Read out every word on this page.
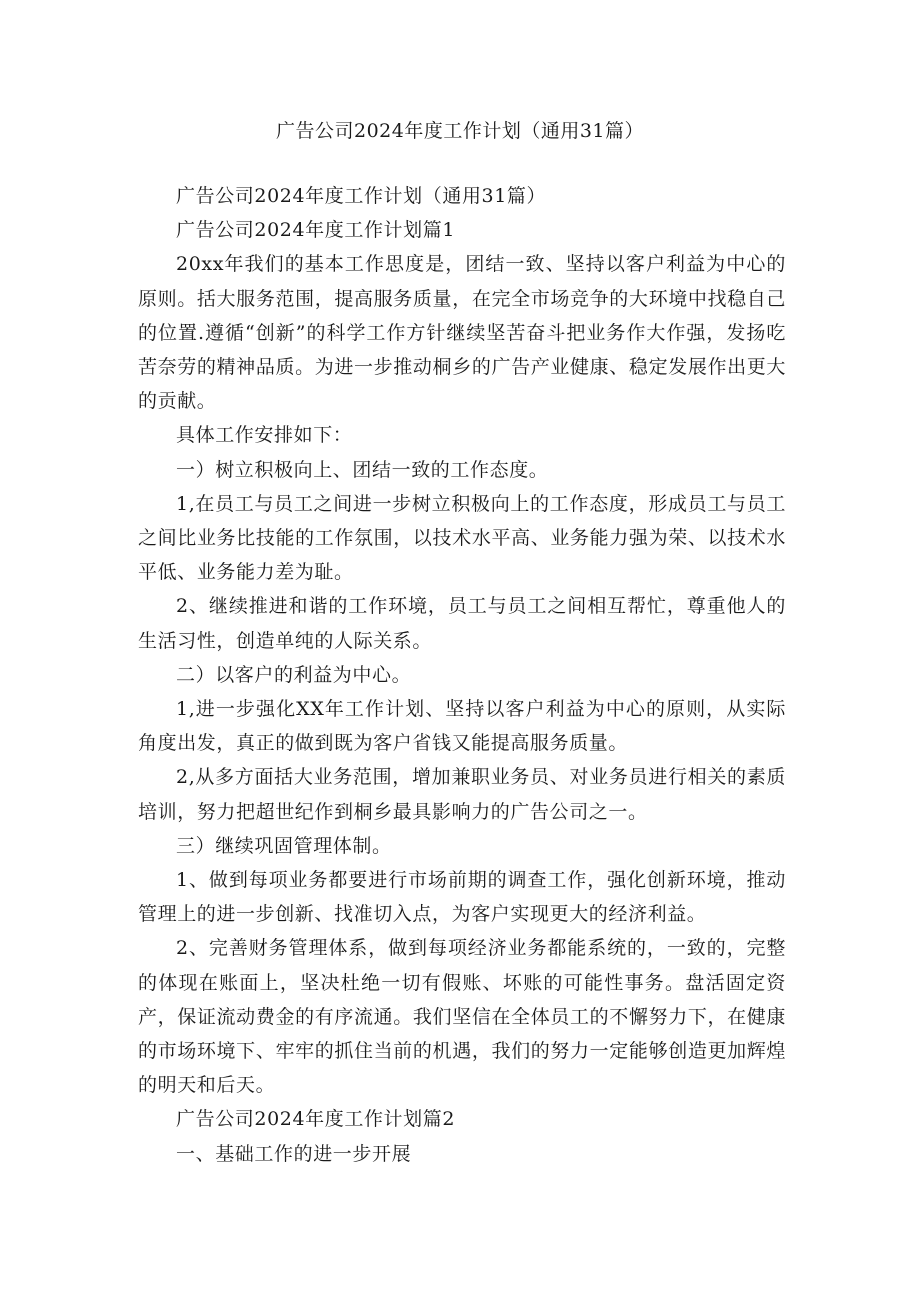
广告公司2024年度工作计划（通用31篇）

广告公司2024年度工作计划（通用31篇）

广告公司2024年度工作计划篇1

20xx年我们的基本工作思度是，团结一致、坚持以客户利益为中心的原则。括大服务范围，提高服务质量，在完全市场竞争的大环境中找稳自己的位置.遵循“创新”的科学工作方针继续坚苦奋斗把业务作大作强，发扬吃苦奈劳的精神品质。为进一步推动桐乡的广告产业健康、稳定发展作出更大的贡献。

具体工作安排如下：

一）树立积极向上、团结一致的工作态度。

1,在员工与员工之间进一步树立积极向上的工作态度，形成员工与员工之间比业务比技能的工作氛围，以技术水平高、业务能力强为荣、以技术水平低、业务能力差为耻。

2、继续推进和谐的工作环境，员工与员工之间相互帮忙，尊重他人的生活习性，创造单纯的人际关系。

二）以客户的利益为中心。

1,进一步强化XX年工作计划、坚持以客户利益为中心的原则，从实际角度出发，真正的做到既为客户省钱又能提高服务质量。

2,从多方面括大业务范围，增加兼职业务员、对业务员进行相关的素质培训，努力把超世纪作到桐乡最具影响力的广告公司之一。

三）继续巩固管理体制。

1、做到每项业务都要进行市场前期的调查工作，强化创新环境，推动管理上的进一步创新、找准切入点，为客户实现更大的经济利益。

2、完善财务管理体系，做到每项经济业务都能系统的，一致的，完整的体现在账面上，坚决杜绝一切有假账、坏账的可能性事务。盘活固定资产，保证流动费金的有序流通。我们坚信在全体员工的不懈努力下，在健康的市场环境下、牢牢的抓住当前的机遇，我们的努力一定能够创造更加辉煌的明天和后天。

广告公司2024年度工作计划篇2

一、基础工作的进一步开展
